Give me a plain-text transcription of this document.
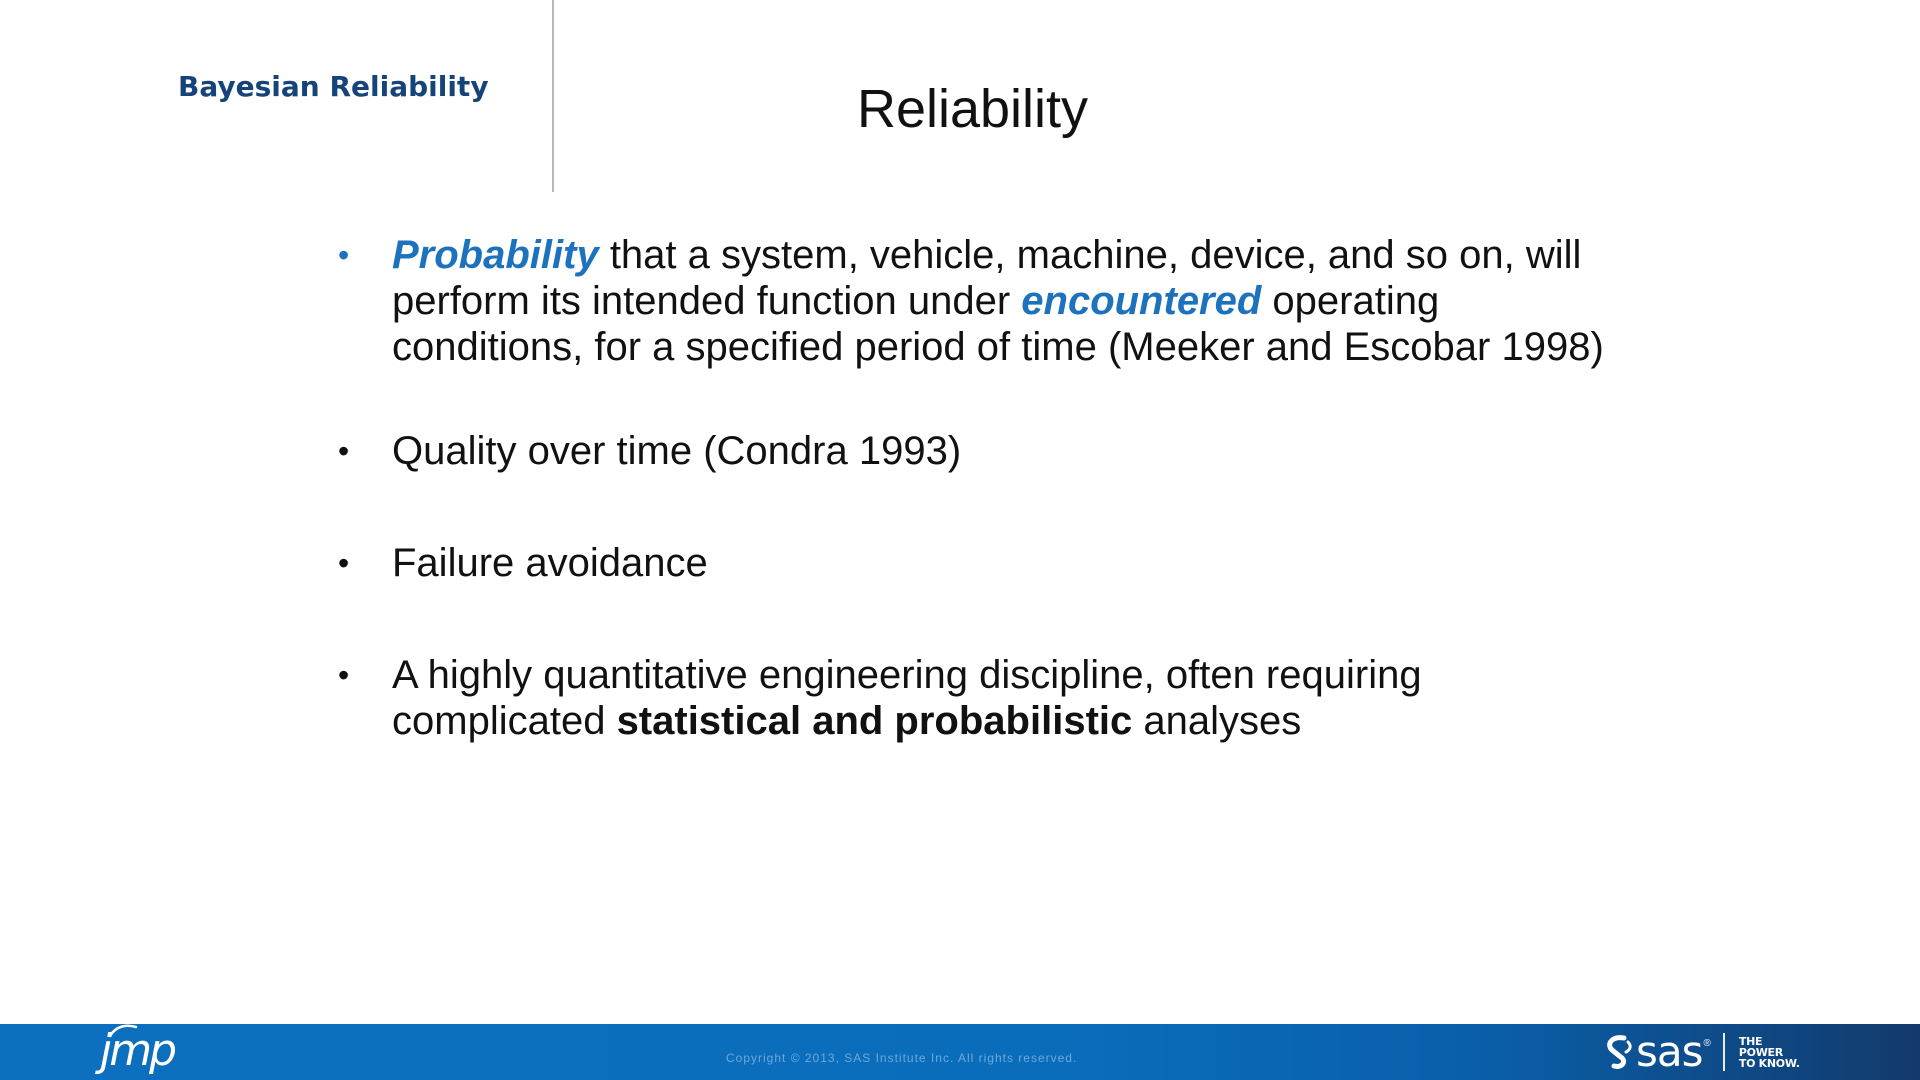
Bayesian Reliability	Reliability
• Probability that a system, vehicle, machine, device, and so on, will perform its intended function under encountered operating conditions, for a specified period of time (Meeker and Escobar 1998)
• Quality over time (Condra 1993)
• Failure avoidance
• A highly quantitative engineering discipline, often requiring complicated statistical and probabilistic analyses
jmp	Copyright © 2013, SAS Institute Inc. All rights reserved.	sas ®	THE
POWER
TO KNOW.
